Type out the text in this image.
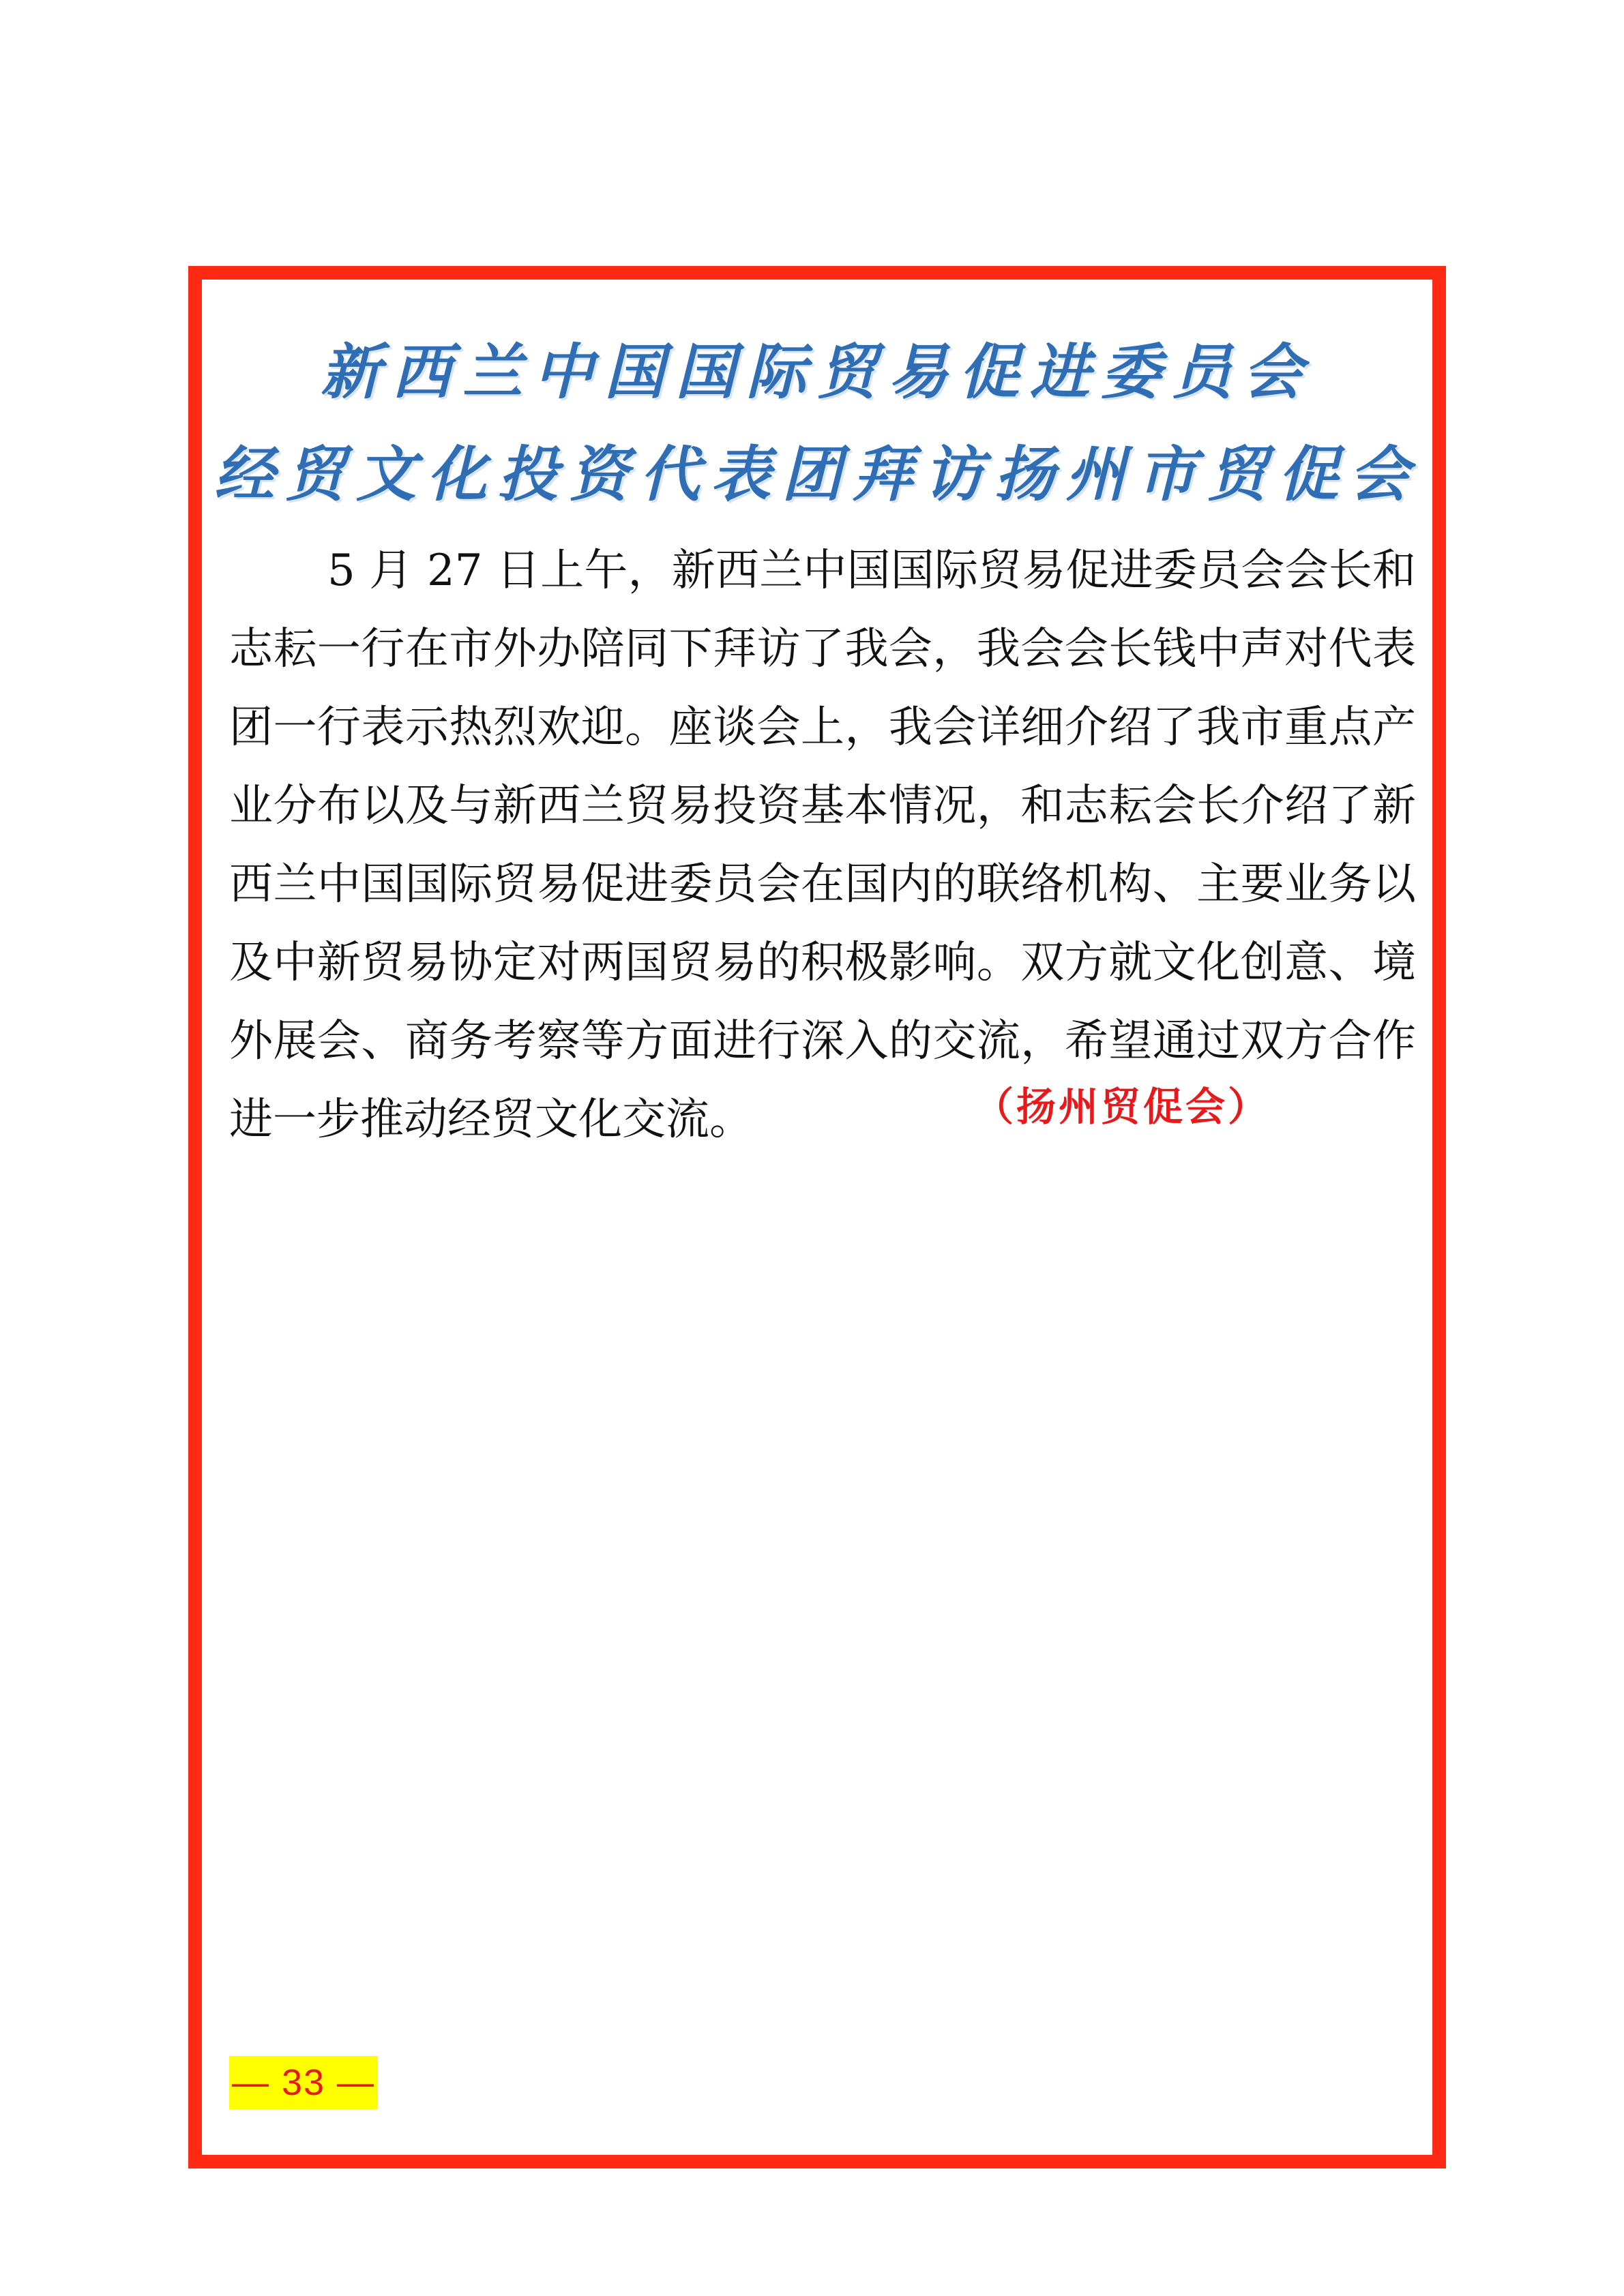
新西兰中国国际贸易促进委员会
经贸文化投资代表团拜访扬州市贸促会

5 月 27 日上午，新西兰中国国际贸易促进委员会会长和志耘一行在市外办陪同下拜访了我会，我会会长钱中声对代表团一行表示热烈欢迎。座谈会上，我会详细介绍了我市重点产业分布以及与新西兰贸易投资基本情况，和志耘会长介绍了新西兰中国国际贸易促进委员会在国内的联络机构、主要业务以及中新贸易协定对两国贸易的积极影响。双方就文化创意、境外展会、商务考察等方面进行深入的交流，希望通过双方合作进一步推动经贸文化交流。	（扬州贸促会）
— 33 —
